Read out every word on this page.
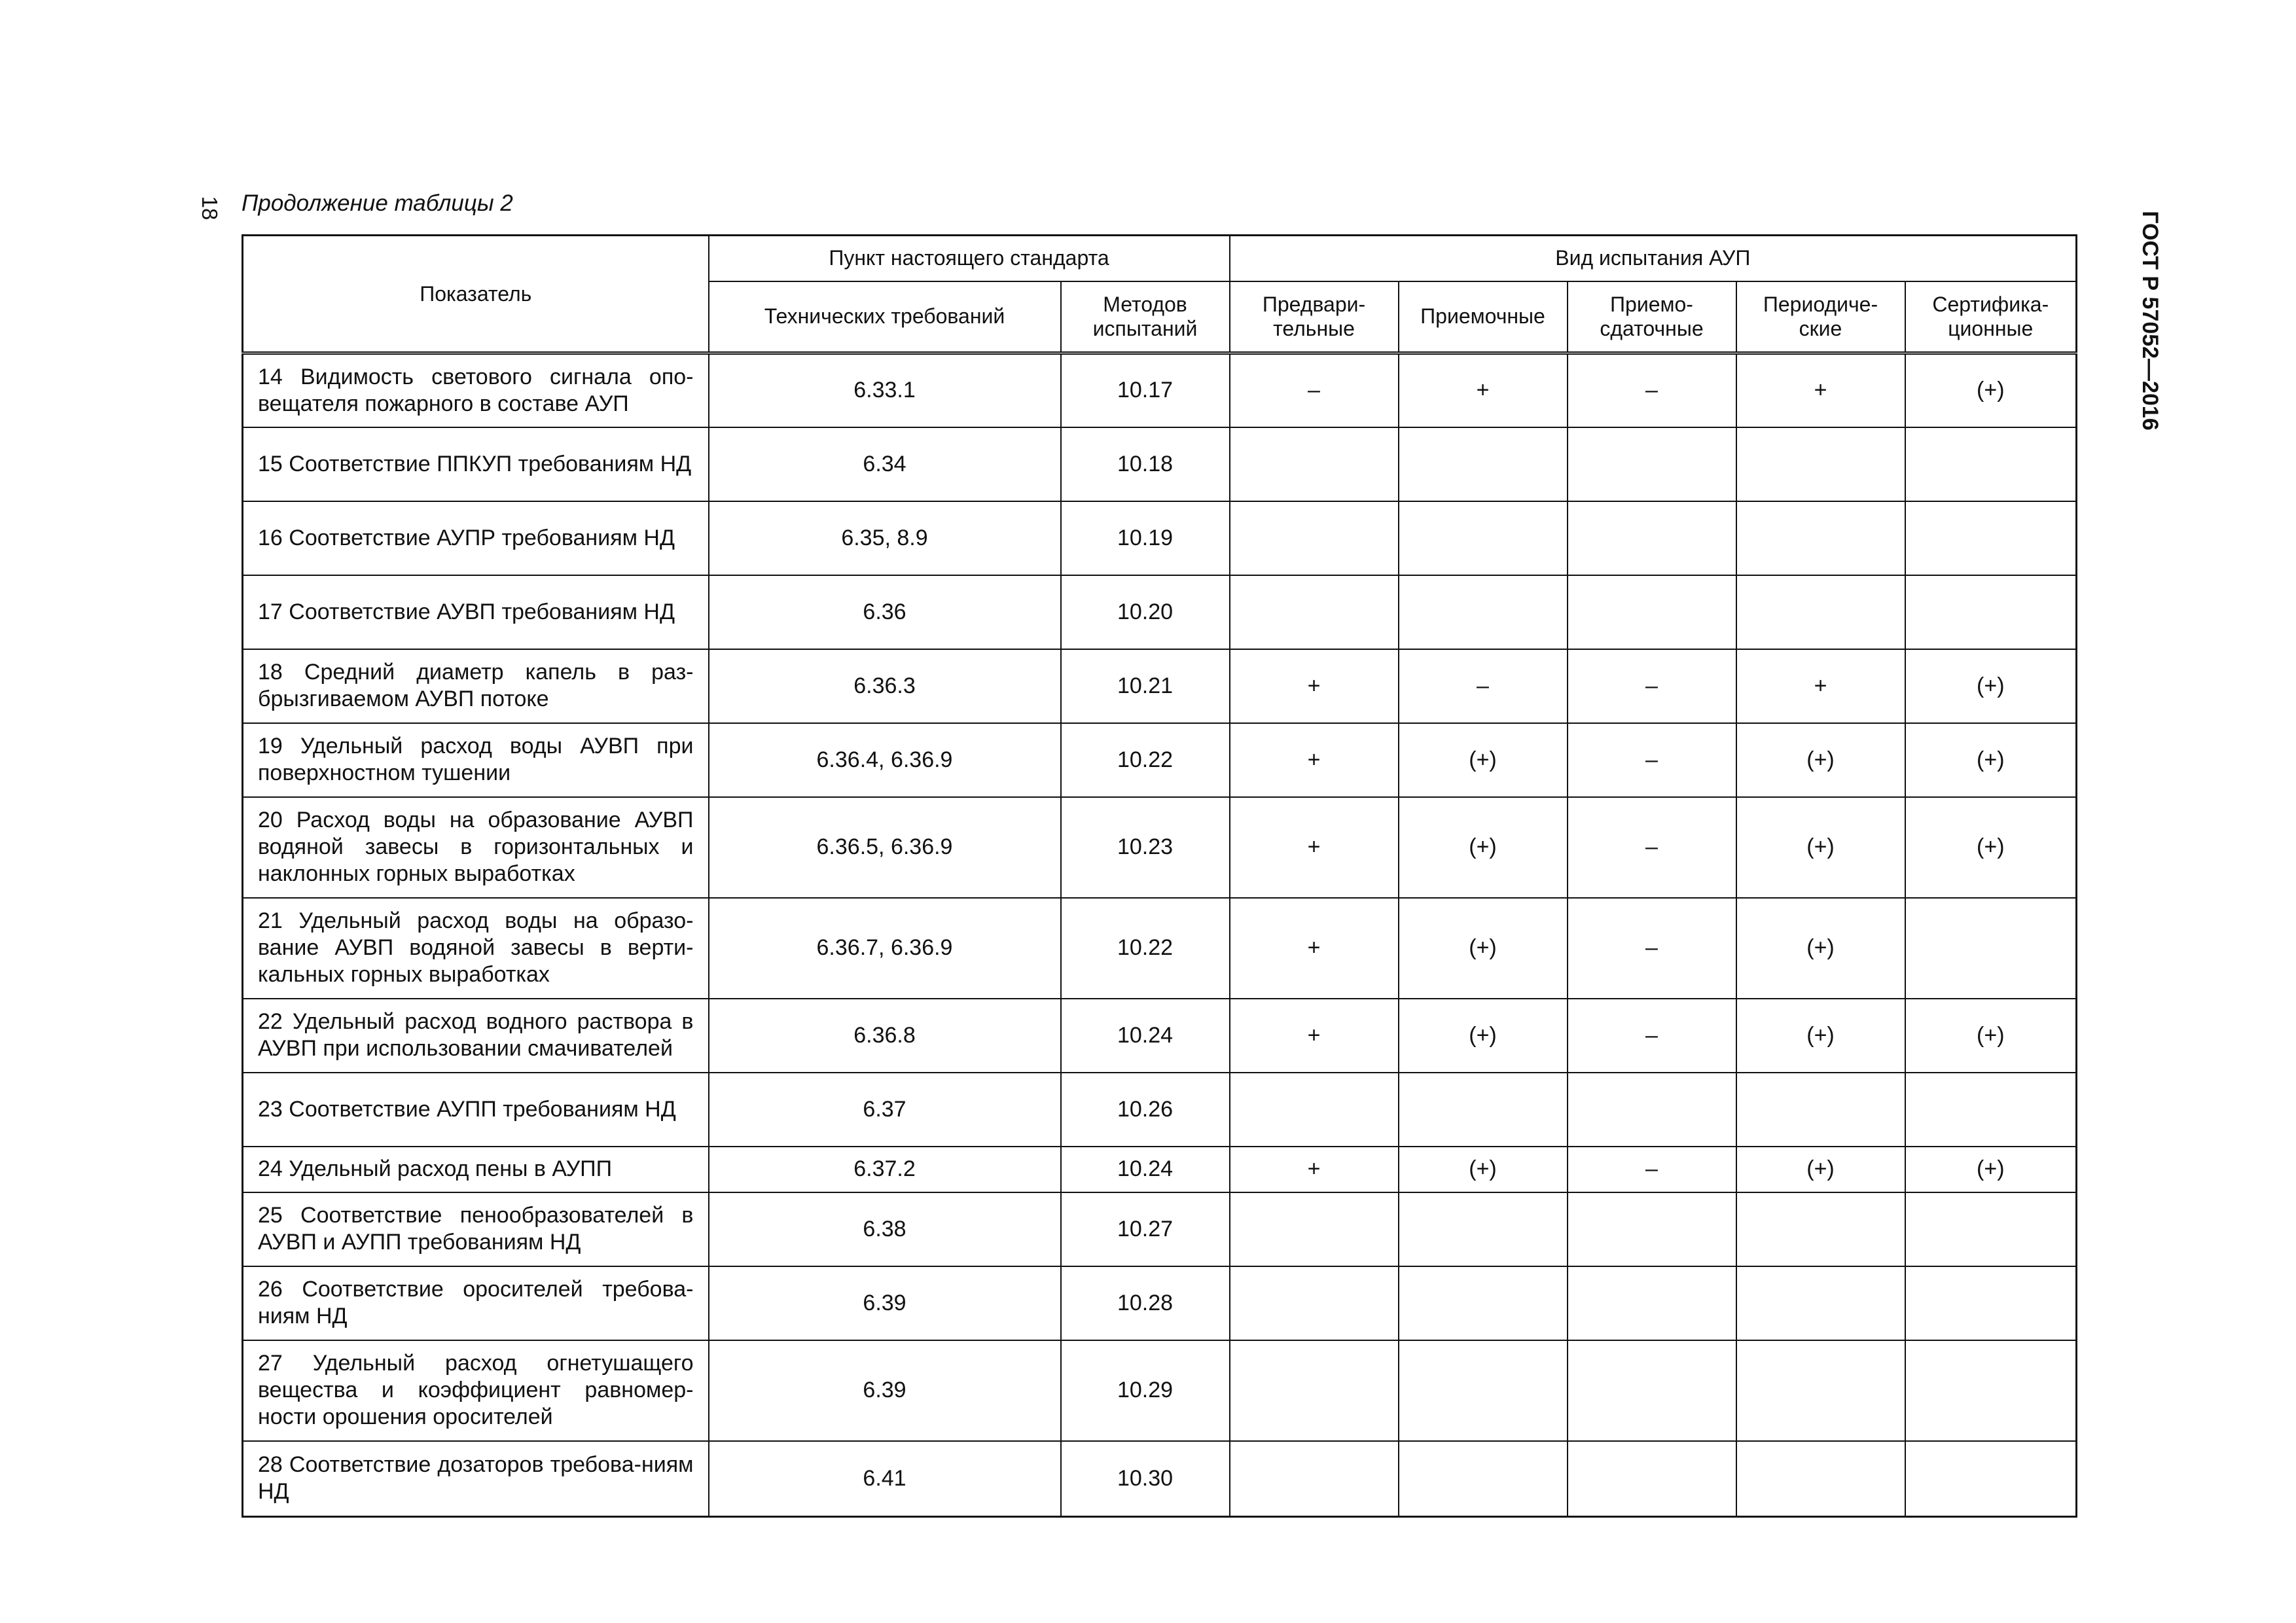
18
ГОСТ Р 57052—2016
Продолжение таблицы 2
Показатель	Пункт настоящего стандарта		Вид испытания АУП				
	Технических требований	Методов испытаний	Предвари-тельные	Приемочные	Приемо-сдаточные	Периодиче-ские	Сертифика-ционные
14 Видимость светового сигнала опо-вещателя пожарного в составе АУП	6.33.1	10.17	–	+	–	+	(+)
15 Соответствие ППКУП требованиям НД	6.34	10.18					
16 Соответствие АУПР требованиям НД	6.35, 8.9	10.19					
17 Соответствие АУВП требованиям НД	6.36	10.20					
18 Средний диаметр капель в раз-брызгиваемом АУВП потоке	6.36.3	10.21	+	–	–	+	(+)
19 Удельный расход воды АУВП при поверхностном тушении	6.36.4, 6.36.9	10.22	+	(+)	–	(+)	(+)
20 Расход воды на образование АУВП водяной завесы в горизонтальных и наклонных горных выработках	6.36.5, 6.36.9	10.23	+	(+)	–	(+)	(+)
21 Удельный расход воды на образо-вание АУВП водяной завесы в верти-кальных горных выработках	6.36.7, 6.36.9	10.22	+	(+)	–	(+)	
22 Удельный расход водного раствора в АУВП при использовании смачивателей	6.36.8	10.24	+	(+)	–	(+)	(+)
23 Соответствие АУПП требованиям НД	6.37	10.26					
24 Удельный расход пены в АУПП	6.37.2	10.24	+	(+)	–	(+)	(+)
25 Соответствие пенообразователей в АУВП и АУПП требованиям НД	6.38	10.27					
26 Соответствие оросителей требова-ниям НД	6.39	10.28					
27 Удельный расход огнетушащего вещества и коэффициент равномер-ности орошения оросителей	6.39	10.29					
28 Соответствие дозаторов требова-ниям НД	6.41	10.30					
